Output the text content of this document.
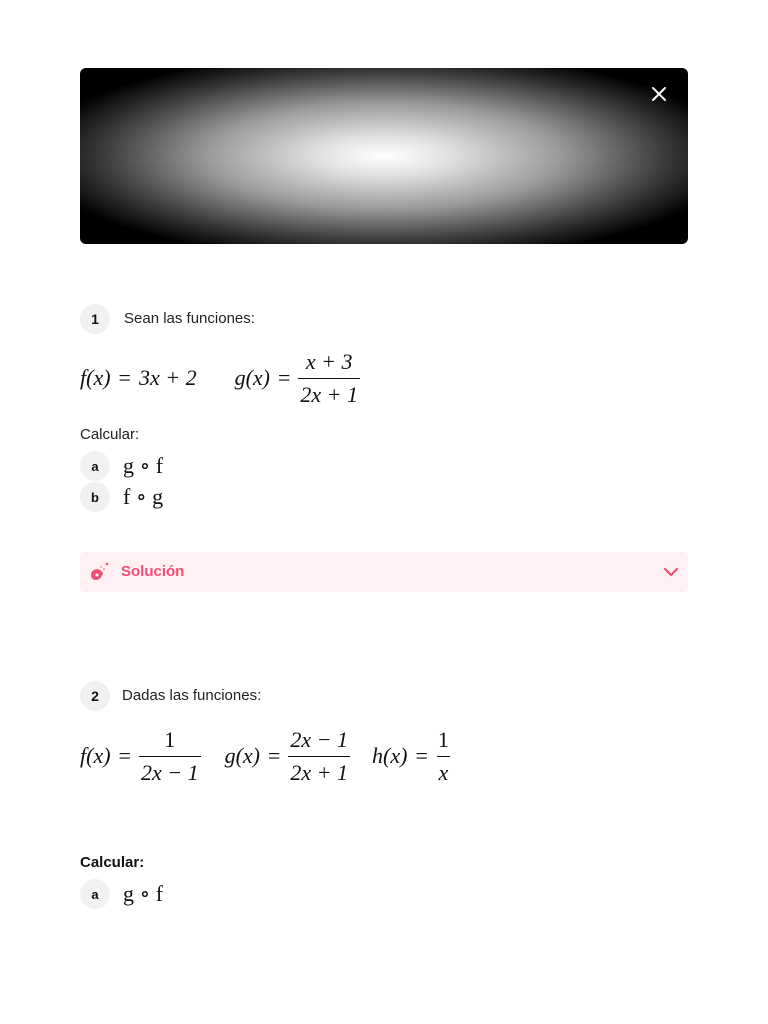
1	Sean las funciones:
f(x) = 3x + 2 $g(x) = \frac{x + 3}{2x + 1}$
Calcular:
a	g ∘ f
b	f ∘ g
Solución
2	Dadas las funciones:
$f(x) = \frac{1}{2x - 1} g(x) = \frac{2x - 1}{2x + 1} h(x) = \frac{1}{x}$
Calcular:
a	g ∘ f
